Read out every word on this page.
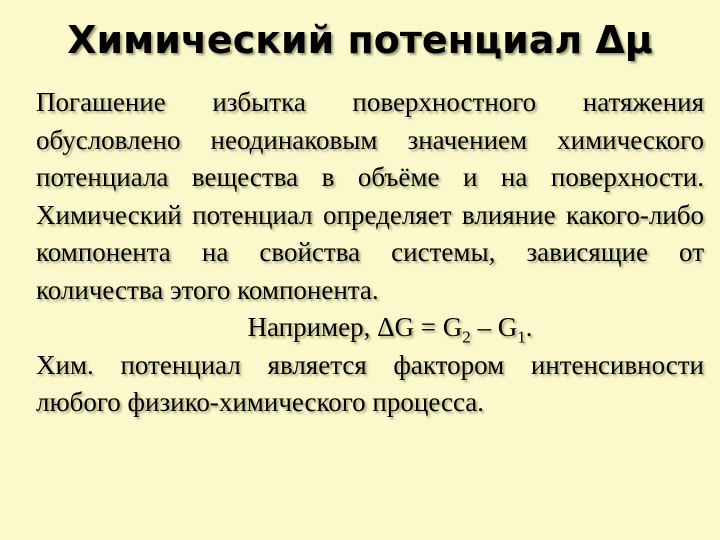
Химический потенциал Δμ

Погашение избытка поверхностного натяжения обусловлено неодинаковым значением химического потенциала вещества в объёме и на поверхности. Химический потенциал определяет влияние какого-либо компонента на свойства системы, зависящие от количества этого компонента.

Например, $\Delta G = G_2 - G_1$.

Хим. потенциал является фактором интенсивности любого физико-химического процесса.
